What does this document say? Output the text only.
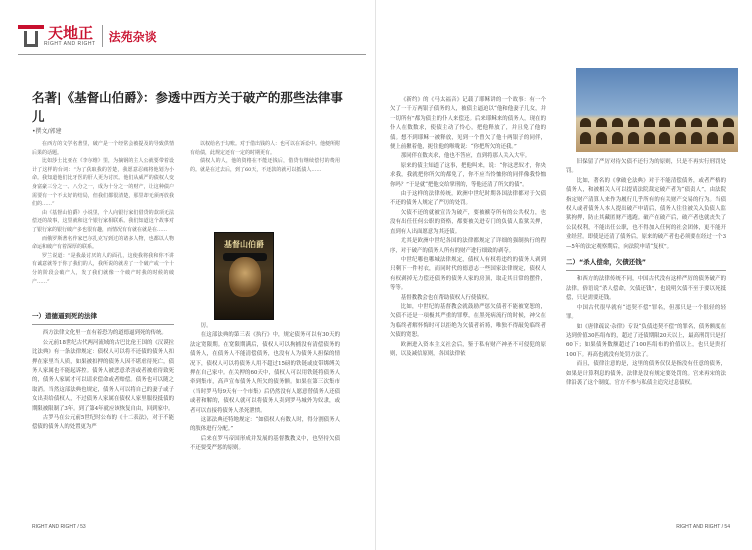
天地正
RIGHT AND RIGHT
法苑杂谈
名著|《基督山伯爵》：参透中西方关于破产的那些法律事儿
•撰文/郭建

在西方的文学名著里，破产是一个经常会被提及的导致供情后果的话题。

比如莎士比亚在《李尔维》里，为摘钢的主人公就要带着设计了这样的台词：“为了获取我的苦楚，我愿意忍痛将他划为小命。我知道他们比牙医的肝人更为讨厌。他们从威严的债权人变身富豪三分之一、八分之一，成为十分之一的财产，让这种债户需要有一个不太好的结局，但我们都很清楚，那里却无须再放我们的……”

由《基督山伯爵》小说里，个人向银行家们借贷的款项无法偿还的故事，这里就和这个银行家相联系。我们知道这个故事对了银行家的银行破产多也很有趣，而情况有有就在就是在……

而俄罗斯著名作家巴尔扎克写到过的诸多人物，也都以人物命运和破产有着深厚的联系。

罗兰说道：“是我最讨厌的人的面孔，这使我将我和你不讲有诚意就等于你了我们的人，我所说的就差了一个破产或一个十分的阶段会破产人，发了我们就像一个破产时我的时候的破产……”

一）道德逼到死的法律

西方法律文化里一直有着恐为的道德逼到死的传统。

公元前18世纪古代两河流域的古巴比伦王国的《汉谟拉比法典》有一条法律规定：债权人可以将不还债的债务人扣押在家里当人质，如果被扣押的债务人因不堪虐待死亡，债务人家属也不能起诉控。债务人被恶意杀害或者被虐待致死的，债务人家属才可以请求偿命或者赔偿。债务也可以随之取消。当然这部法典也规定，债务人可以将自己的妻子或子女出卖给债权人，不过债务人家属在债权人家里服役抵债的期限被限制了3年。到了第4年就应该恢复自由，回到家中。

古罗马在公元前5世纪时公布的《十二表法》，对于不能偿债的债务人的处置更为严

以权给名于勾账。对于借出钱的人：也可以在诉讼中。他便所附有给债，此规定还有一定的时期更有。

债权人的人，他的资格在不能还钱后，借贷有继续偿付的费用的。就是在过去后，到了60天，不还款的就可以抵债人……

基督山伯爵

厉。

在这部法典的第三表《执行》中，规定债务可以有30天的法定宽限期。在宽限期满后，债权人可以拘捕没有清偿债务的债务人，在债务人不能清偿债务，也没有人为债务人担保的情况下，债权人可以将债务人用不超过15磅的铁链或皮带绑缚关押在自己家中。在关押的60天中，债权人可以用铁链将债务人牵到集市，高声宣布债务人所欠的债务额。如果在第三次集市（当时罗马每9天有一个市集）后仍然没有人愿意替债务人还债或者和解的，债权人就可以将债务人卖到罗马城外为奴隶，或者可以直接将债务人杀死泄愤。

这部法典还特地规定：“如债权人有数人时，得分割债务人的肢体进行分配。”

后来在罗马帝国形成并发展的基督教教义中，也坚持欠债不还要受严惩的原则。

RIGHT AND RIGHT / 53

《新约》的《马太福音》记载了耶稣讲的一个故事：有一个欠了一千万两银子债务的人，被债主逼迫以“他和他妻子儿女，并一切所有”都为债主的仆人来偿还。后来耶稣来的债务人，现在的仆人在数数求，使债主动了怜心，把他释放了，并且免了他的债。想不到耶稣一被释放，见到一个曾欠了他十两银子的同伴，便上前揪着他，扼住他的喉咙说：“你把所欠的还我。”

那同伴在数夹求，他也不答应，直到将那人关入大牢。

原来的债主知道了这事，把他叫来，说：“你这恶奴才，你央求我，我就把你所欠的都免了，你不应当怜恤你的同伴像我怜恤你吗？”于是就“把他交给掌刑的，等他还清了所欠的债”。

由于这样的法律传统，欧洲中世纪时期各国法律都对于欠债不还的债务人规定了严厉的处罚。

欠债不还的就被宣告为破产，要被褫夺所有的公共权力，也没有出任任何公职的资格，都要被关进专门的负债人监狱关押，直到有人出面愿意为其还债。

尤其是欧洲中世纪各国的法律都规定了详细的强制执行的程序，对于破产的债务人所有的财产进行细致的剥夺。

中世纪哪也哪城法律规定，债权人有权将违约的债务人剥到只剩下一件衬衣，而同时代的德意志一些国家法律规定，债权人有权剥掉无力偿还债务的债务人家的房顶，取走其日常的摆件，等等。

基督教教会也在帮助债权人行使债权。

比如，中世纪的基督教会就鼓励严惩欠债者不能被宽恕的，欠债不还是一项极其严重的罪孽，在黑死病流行的时候，神父在为临终者解怀悔时可以拒绝为欠债者祈祷，唯独不得敲免临终者欠债的宽恕。

欧洲进入资本主义社会后，鉴于私有财产神圣不可侵犯的原则，以及减信原则，各国法律依

旧保留了严厉对待欠债不还行为的原则，只是不再实行刑罚处罚。

比如，著名的《拿破仑法典》对于不能清偿债务，或者严格的债务人，和被相关人可以提请法院裁定破产者为“债责人”，由法院指定财产清算人来作为履行几乎所有的有关财产交易的行为。当债权人或者债务人本人提出破产申请后，债务人往往被关入负债人监狱拘押，防止其藏匿财产逃跑。破产在破产后，破产者也就丧失了公民权利，不能出任公职，也不得加入任何的社会团体，更不能开业经营。即使是还清了债务后，原来的破产者也必须要在经过一个3—5年的法定观察期后，向法院申请“复权”。

二）“杀人偿命，欠债还钱”

和西方的法律传统不同，中国古代没有这样严厉的债务破产的法律。俗语说“杀人偿命，欠债还钱”，也说明欠债不至于要以死抵偿，只是需要还钱。

中国古代很早就有“违契不偿”罪名，但那只是一个很轻的轻罪。

如《唐律疏议·杂律》专设“负债违契不偿”的罪名，债务额度在达到价值30匹绢布的，超过了还债期限20天以上，最高刑罚只是打60下；如果债务数额超过了100匹绢布的价值以上，也只是贵打100下。再高也就没有处罚方法了。

而且，债律注意的是，这里的债务仅仅是指没有任意的债务，如果是计算利息的债务，法律是没有规定要处罚的。官来再宋的法律沿袭了这个制度，官方不参与私债主追究过息债权。

RIGHT AND RIGHT / 54
